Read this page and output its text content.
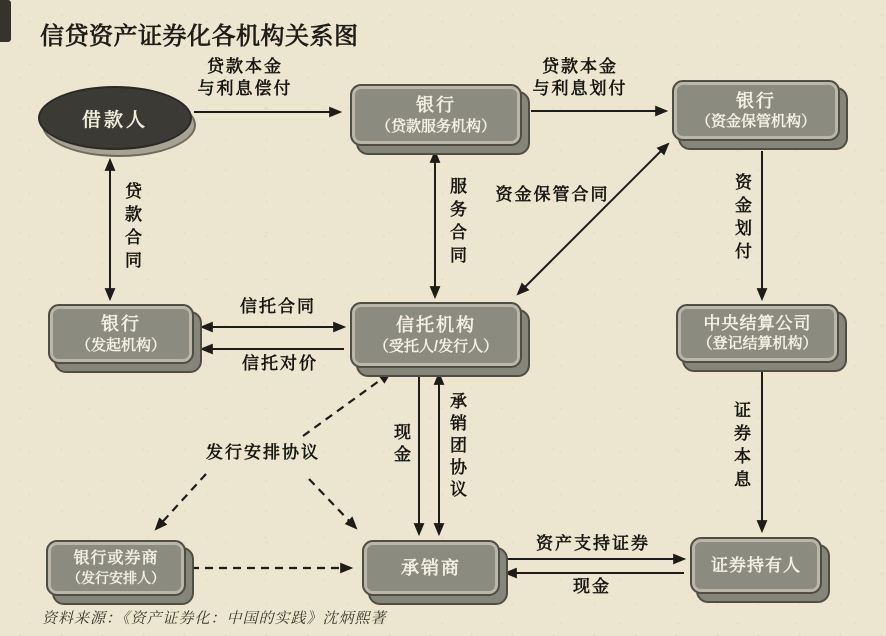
信贷资产证券化各机构关系图
借款人
银行
（贷款服务机构）
银行
（资金保管机构）
银行
（发起机构）
信托机构
（受托人/发行人）
中央结算公司
（登记结算机构）
银行或券商
（发行安排人）
承销商	证券持有人
贷款本金
与利息偿付
贷款本金
与利息划付
资金保管合同
信托合同
信托对价
发行安排协议
资产支持证券
现金
贷款合同	服务合同	资金划付
现金 承销团协议	证券本息
资料来源：《资产证券化：中国的实践》沈炳熙著
